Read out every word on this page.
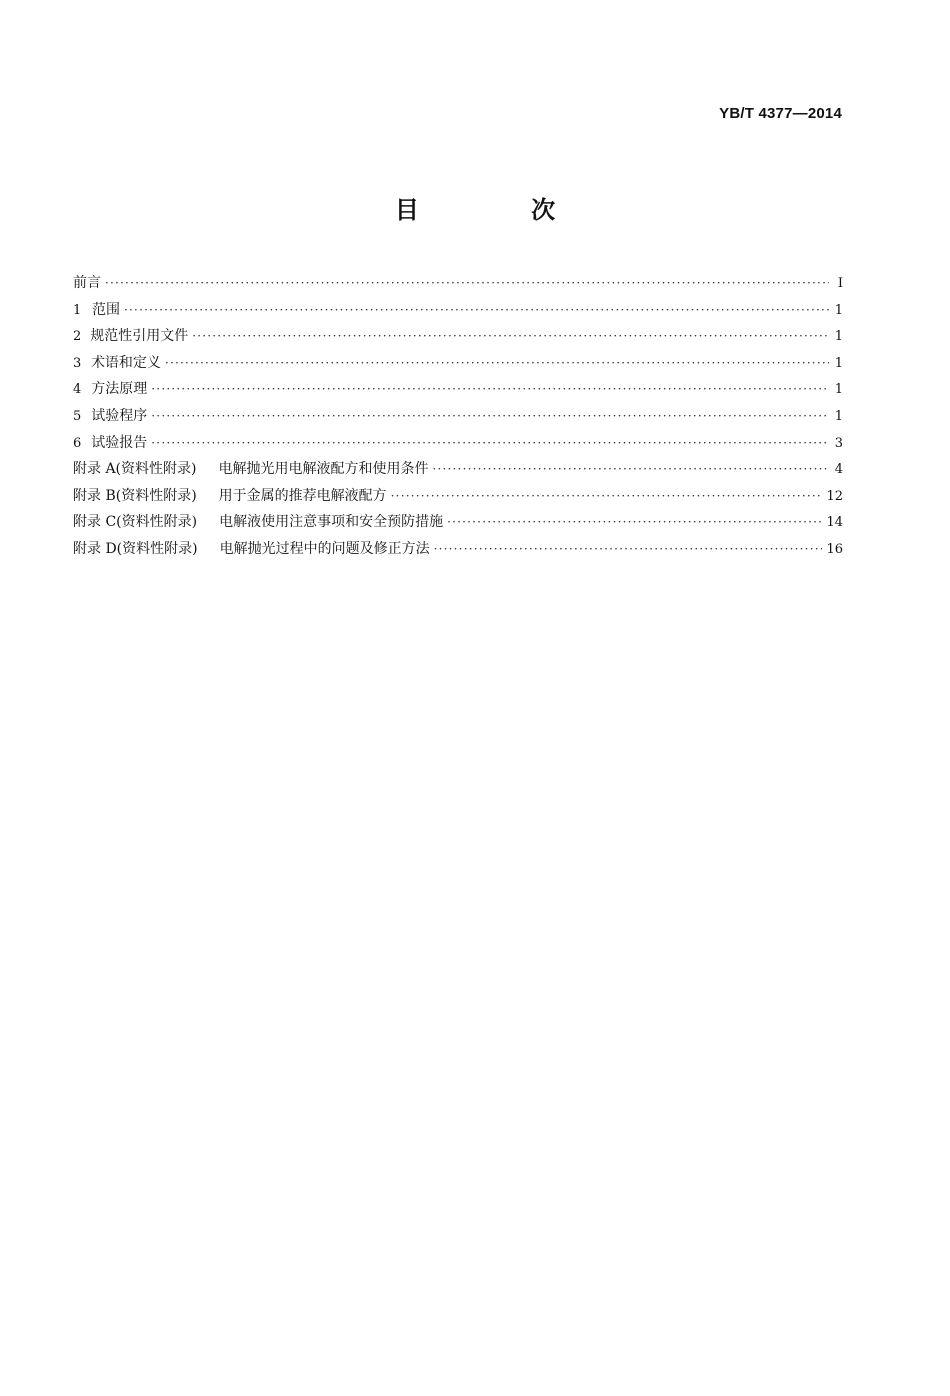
YB/T 4377—2014
目 次
前言 ·····	I
1 范围 ·····	1
2 规范性引用文件 ·····	1
3 术语和定义 ·····	1
4 方法原理 ·····	1
5 试验程序 ·····	1
6 试验报告 ·····	3
附录 A(资料性附录) 电解抛光用电解液配方和使用条件 ·····	4
附录 B(资料性附录) 用于金属的推荐电解液配方 ·····	12
附录 C(资料性附录) 电解液使用注意事项和安全预防措施 ·····	14
附录 D(资料性附录) 电解抛光过程中的问题及修正方法 ·····	16
